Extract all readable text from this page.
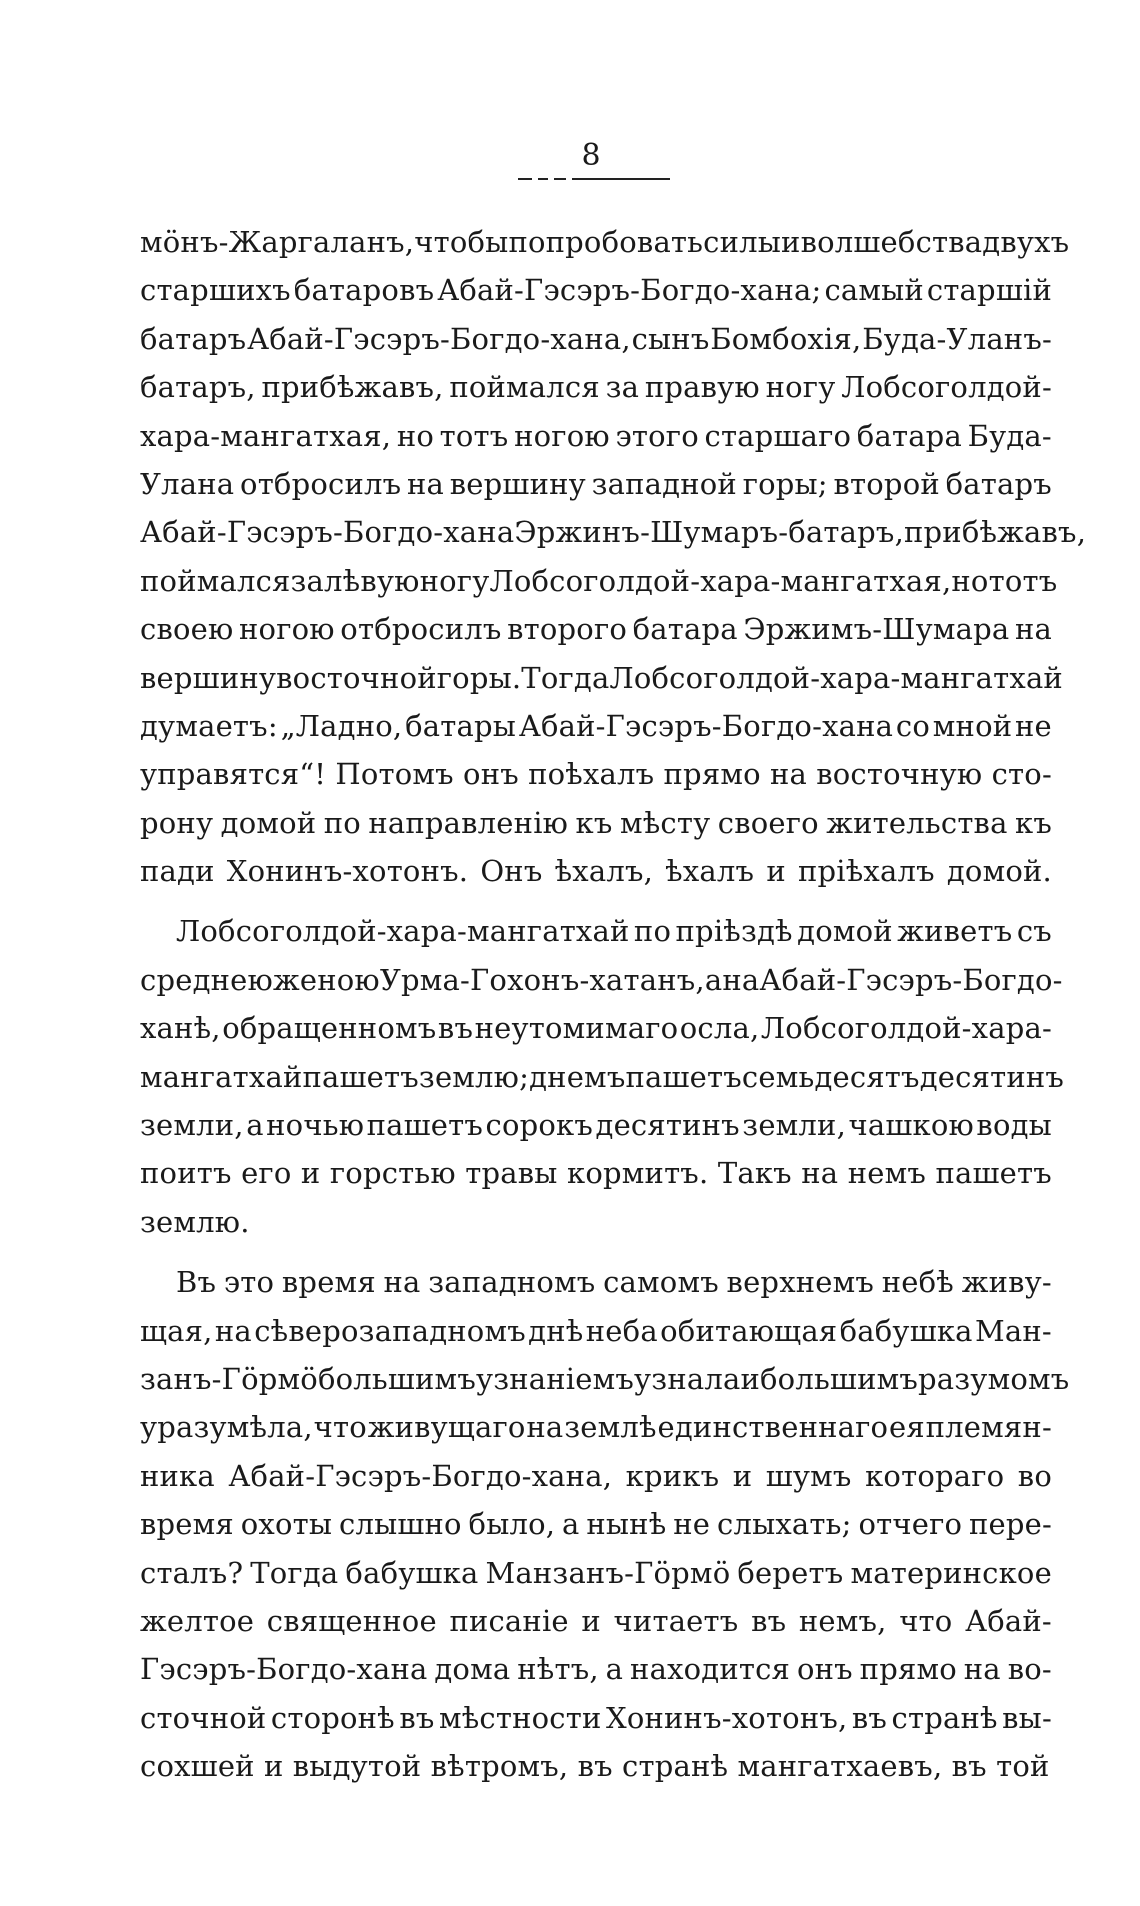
8
мӧнъ-Жаргаланъ, чтобы попробовать силы и волшебства двухъ
старшихъ батаровъ Абай-Гэсэръ-Богдо-хана; самый старшій
батаръ Абай-Гэсэръ-Богдо-хана, сынъ Бомбохія, Буда-Уланъ-
батаръ, прибѣжавъ, поймался за правую ногу Лобсоголдой-
хара-мангатхая, но тотъ ногою этого старшаго батара Буда-
Улана отбросилъ на вершину западной горы; второй батаръ
Абай-Гэсэръ-Богдо-хана Эржинъ-Шумаръ-батаръ, прибѣжавъ,
поймался за лѣвую ногу Лобсоголдой-хара-мангатхая, но тотъ
своею ногою отбросилъ второго батара Эржимъ-Шумара на
вершину восточной горы. Тогда Лобсоголдой-хара-мангатхай
думаетъ: „Ладно, батары Абай-Гэсэръ-Богдо-хана со мной не
управятся“! Потомъ онъ поѣхалъ прямо на восточную сто-
рону домой по направленію къ мѣсту своего жительства къ
пади Хонинъ-хотонъ. Онъ ѣхалъ, ѣхалъ и пріѣхалъ домой.
Лобсоголдой-хара-мангатхай по пріѣздѣ домой живетъ съ
среднею женою Урма-Гохонъ-хатанъ, а на Абай-Гэсэръ-Богдо-
ханѣ, обращенномъ въ неутомимаго осла, Лобсоголдой-хара-
мангатхай пашетъ землю; днемъ пашетъ семьдесятъ десятинъ
земли, а ночью пашетъ сорокъ десятинъ земли, чашкою воды
поитъ его и горстью травы кормитъ. Такъ на немъ пашетъ
землю.
Въ это время на западномъ самомъ верхнемъ небѣ живу-
щая, на сѣверозападномъ днѣ неба обитающая бабушка Ман-
занъ-Гӧрмӧ большимъ узнаніемъ узнала и большимъ разумомъ
уразумѣла, что живущаго на землѣ единственнаго ея племян-
ника Абай-Гэсэръ-Богдо-хана, крикъ и шумъ котораго во
время охоты слышно было, а нынѣ не слыхать; отчего пере-
сталъ? Тогда бабушка Манзанъ-Гӧрмӧ беретъ материнское
желтое священное писаніе и читаетъ въ немъ, что Абай-
Гэсэръ-Богдо-хана дома нѣтъ, а находится онъ прямо на во-
сточной сторонѣ въ мѣстности Хонинъ-хотонъ, въ странѣ вы-
сохшей и выдутой вѣтромъ, въ странѣ мангатхаевъ, въ той
